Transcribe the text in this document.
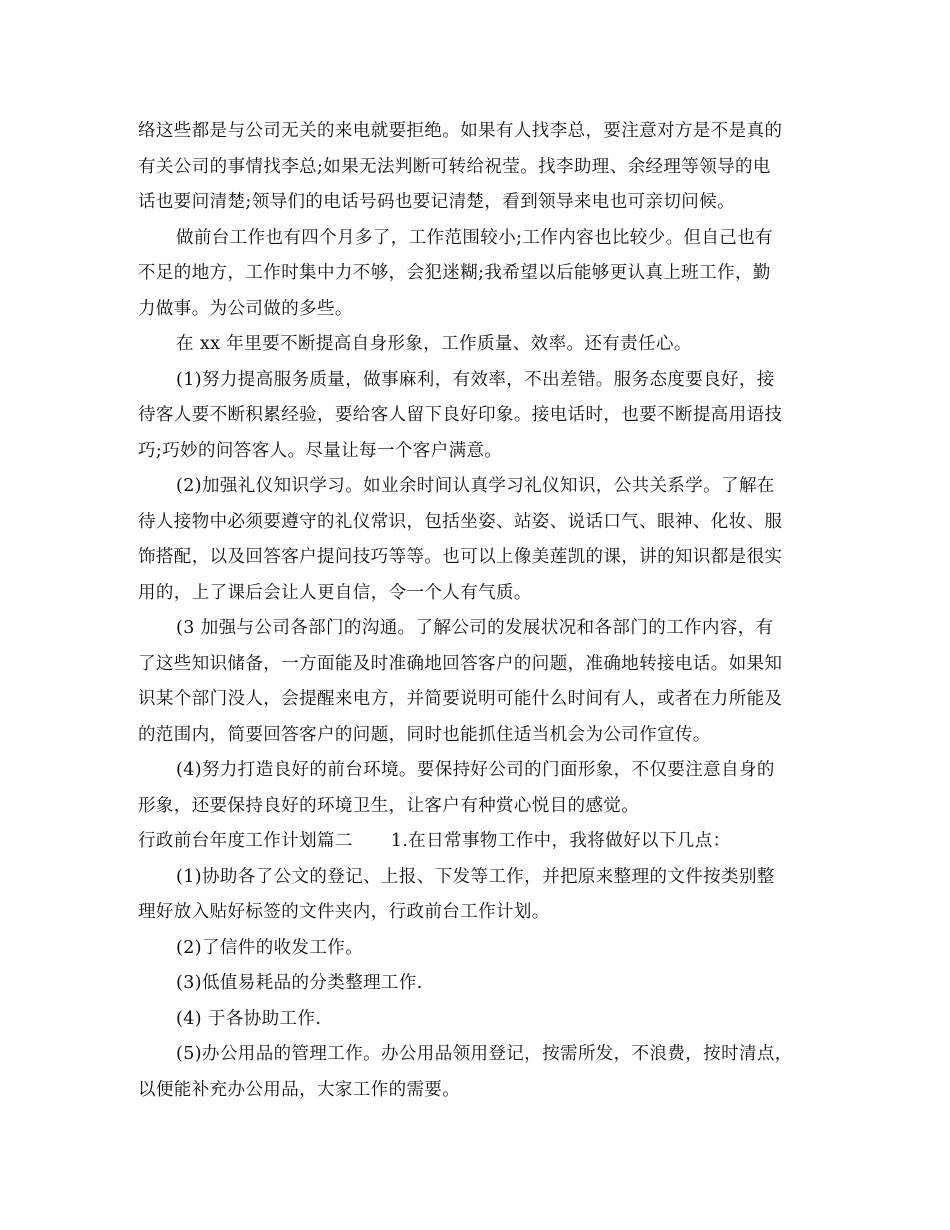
络这些都是与公司无关的来电就要拒绝。如果有人找李总，要注意对方是不是真的
有关公司的事情找李总;如果无法判断可转给祝莹。找李助理、余经理等领导的电
话也要问清楚;领导们的电话号码也要记清楚，看到领导来电也可亲切问候。
做前台工作也有四个月多了，工作范围较小;工作内容也比较少。但自己也有
不足的地方，工作时集中力不够，会犯迷糊;我希望以后能够更认真上班工作，勤
力做事。为公司做的多些。
在 xx 年里要不断提高自身形象，工作质量、效率。还有责任心。
(1)努力提高服务质量，做事麻利，有效率，不出差错。服务态度要良好，接
待客人要不断积累经验，要给客人留下良好印象。接电话时，也要不断提高用语技
巧;巧妙的问答客人。尽量让每一个客户满意。
(2)加强礼仪知识学习。如业余时间认真学习礼仪知识，公共关系学。了解在
待人接物中必须要遵守的礼仪常识，包括坐姿、站姿、说话口气、眼神、化妆、服
饰搭配，以及回答客户提问技巧等等。也可以上像美莲凯的课，讲的知识都是很实
用的，上了课后会让人更自信，令一个人有气质。
(3 加强与公司各部门的沟通。了解公司的发展状况和各部门的工作内容，有
了这些知识储备，一方面能及时准确地回答客户的问题，准确地转接电话。如果知
识某个部门没人，会提醒来电方，并简要说明可能什么时间有人，或者在力所能及
的范围内，简要回答客户的问题，同时也能抓住适当机会为公司作宣传。
(4)努力打造良好的前台环境。要保持好公司的门面形象，不仅要注意自身的
形象，还要保持良好的环境卫生，让客户有种赏心悦目的感觉。
行政前台年度工作计划篇二 1.在日常事物工作中，我将做好以下几点：
(1)协助各了公文的登记、上报、下发等工作，并把原来整理的文件按类别整
理好放入贴好标签的文件夹内，行政前台工作计划。
(2)了信件的收发工作。
(3)低值易耗品的分类整理工作.
(4) 于各协助工作.
(5)办公用品的管理工作。办公用品领用登记，按需所发，不浪费，按时清点，
以便能补充办公用品，大家工作的需要。
